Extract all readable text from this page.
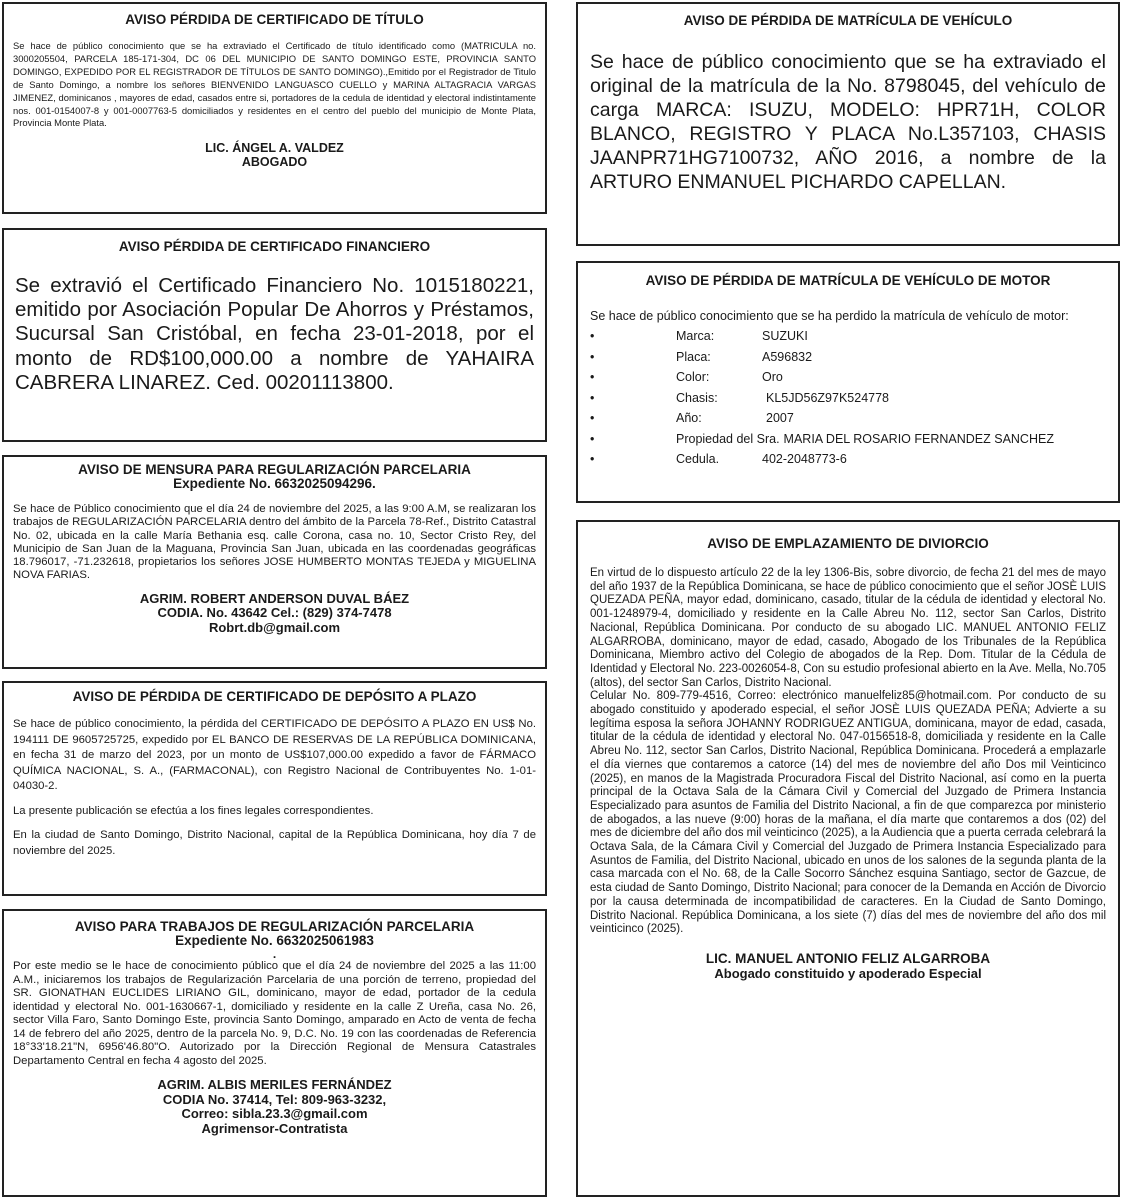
AVISO PÉRDIDA DE CERTIFICADO DE TÍTULO

Se hace de público conocimiento que se ha extraviado el Certificado de título identificado como (MATRICULA no. 3000205504, PARCELA 185-171-304, DC 06 DEL MUNICIPIO DE SANTO DOMINGO ESTE, PROVINCIA SANTO DOMINGO, EXPEDIDO POR EL REGISTRADOR DE TÍTULOS DE SANTO DOMINGO).,Emitido por el Registrador de Titulo de Santo Domingo, a nombre los señores BIENVENIDO LANGUASCO CUELLO y MARINA ALTAGRACIA VARGAS JIMENEZ, dominicanos , mayores de edad, casados entre si, portadores de la cedula de identidad y electoral indistintamente nos. 001-0154007-8 y 001-0007763-5 domiciliados y residentes en el centro del pueblo del municipio de Monte Plata, Provincia Monte Plata.

LIC. ÁNGEL A. VALDEZ
ABOGADO
AVISO PÉRDIDA DE CERTIFICADO FINANCIERO

Se extravió el Certificado Financiero No. 1015180221, emitido por Asociación Popular De Ahorros y Préstamos, Sucursal San Cristóbal, en fecha 23-01-2018, por el monto de RD$100,000.00 a nombre de YAHAIRA CABRERA LINAREZ. Ced. 00201113800.

AVISO DE MENSURA PARA REGULARIZACIÓN PARCELARIA
Expediente No. 6632025094296.

Se hace de Público conocimiento que el día 24 de noviembre del 2025, a las 9:00 A.M, se realizaran los trabajos de REGULARIZACIÓN PARCELARIA dentro del ámbito de la Parcela 78-Ref., Distrito Catastral No. 02, ubicada en la calle María Bethania esq. calle Corona, casa no. 10, Sector Cristo Rey, del Municipio de San Juan de la Maguana, Provincia San Juan, ubicada en las coordenadas geográficas 18.796017, -71.232618, propietarios los señores JOSE HUMBERTO MONTAS TEJEDA y MIGUELINA NOVA FARIAS.

AGRIM. ROBERT ANDERSON DUVAL BÁEZ
CODIA. No. 43642 Cel.: (829) 374-7478
Robrt.db@gmail.com
AVISO DE PÉRDIDA DE CERTIFICADO DE DEPÓSITO A PLAZO

Se hace de público conocimiento, la pérdida del CERTIFICADO DE DEPÓSITO A PLAZO EN US$ No. 194111 DE 9605725725, expedido por EL BANCO DE RESERVAS DE LA REPÚBLICA DOMINICANA, en fecha 31 de marzo del 2023, por un monto de US$107,000.00 expedido a favor de FÁRMACO QUÍMICA NACIONAL, S. A., (FARMACONAL), con Registro Nacional de Contribuyentes No. 1-01-04030-2.

La presente publicación se efectúa a los fines legales correspondientes.

En la ciudad de Santo Domingo, Distrito Nacional, capital de la República Dominicana, hoy día 7 de noviembre del 2025.

AVISO PARA TRABAJOS DE REGULARIZACIÓN PARCELARIA
Expediente No. 6632025061983
.

Por este medio se le hace de conocimiento público que el día 24 de noviembre del 2025 a las 11:00 A.M., iniciaremos los trabajos de Regularización Parcelaria de una porción de terreno, propiedad del SR. GIONATHAN EUCLIDES LIRIANO GIL, dominicano, mayor de edad, portador de la cedula identidad y electoral No. 001-1630667-1, domiciliado y residente en la calle Z Ureña, casa No. 26, sector Villa Faro, Santo Domingo Este, provincia Santo Domingo, amparado en Acto de venta de fecha 14 de febrero del año 2025, dentro de la parcela No. 9, D.C. No. 19 con las coordenadas de Referencia 18°33'18.21"N, 6956'46.80"O. Autorizado por la Dirección Regional de Mensura Catastrales Departamento Central en fecha 4 agosto del 2025.

AGRIM. ALBIS MERILES FERNÁNDEZ
CODIA No. 37414, Tel: 809-963-3232,
Correo: sibla.23.3@gmail.com
Agrimensor-Contratista
AVISO DE PÉRDIDA DE MATRÍCULA DE VEHÍCULO

Se hace de público conocimiento que se ha extraviado el original de la matrícula de la No. 8798045, del vehículo de carga MARCA: ISUZU, MODELO: HPR71H, COLOR BLANCO, REGISTRO Y PLACA No.L357103, CHASIS JAANPR71HG7100732, AÑO 2016, a nombre de la ARTURO ENMANUEL PICHARDO CAPELLAN.

AVISO DE PÉRDIDA DE MATRÍCULA DE VEHÍCULO DE MOTOR

Se hace de público conocimiento que se ha perdido la matrícula de vehículo de motor:

•	Marca:	SUZUKI
•	Placa:	A596832
•	Color:	Oro
•	Chasis:	KL5JD56Z97K524778
•	Año:	2007
•	Propiedad del Sra. MARIA DEL ROSARIO FERNANDEZ SANCHEZ
•	Cedula.	402-2048773-6
AVISO DE EMPLAZAMIENTO DE DIVIORCIO

En virtud de lo dispuesto artículo 22 de la ley 1306-Bis, sobre divorcio, de fecha 21 del mes de mayo del año 1937 de la República Dominicana, se hace de público conocimiento que el señor JOSÈ LUIS QUEZADA PEÑA, mayor edad, dominicano, casado, titular de la cédula de identidad y electoral No. 001-1248979-4, domiciliado y residente en la Calle Abreu No. 112, sector San Carlos, Distrito Nacional, República Dominicana. Por conducto de su abogado LIC. MANUEL ANTONIO FELIZ ALGARROBA, dominicano, mayor de edad, casado, Abogado de los Tribunales de la República Dominicana, Miembro activo del Colegio de abogados de la Rep. Dom. Titular de la Cédula de Identidad y Electoral No. 223-0026054-8, Con su estudio profesional abierto en la Ave. Mella, No.705 (altos), del sector San Carlos, Distrito Nacional.

Celular No. 809-779-4516, Correo: electrónico manuelfeliz85@hotmail.com. Por conducto de su abogado constituido y apoderado especial, el señor JOSÈ LUIS QUEZADA PEÑA; Advierte a su legítima esposa la señora JOHANNY RODRIGUEZ ANTIGUA, dominicana, mayor de edad, casada, titular de la cédula de identidad y electoral No. 047-0156518-8, domiciliada y residente en la Calle Abreu No. 112, sector San Carlos, Distrito Nacional, República Dominicana. Procederá a emplazarle el día viernes que contaremos a catorce (14) del mes de noviembre del año Dos mil Veinticinco (2025), en manos de la Magistrada Procuradora Fiscal del Distrito Nacional, así como en la puerta principal de la Octava Sala de la Cámara Civil y Comercial del Juzgado de Primera Instancia Especializado para asuntos de Familia del Distrito Nacional, a fin de que comparezca por ministerio de abogados, a las nueve (9:00) horas de la mañana, el día marte que contaremos a dos (02) del mes de diciembre del año dos mil veinticinco (2025), a la Audiencia que a puerta cerrada celebrará la Octava Sala, de la Cámara Civil y Comercial del Juzgado de Primera Instancia Especializado para Asuntos de Familia, del Distrito Nacional, ubicado en unos de los salones de la segunda planta de la casa marcada con el No. 68, de la Calle Socorro Sánchez esquina Santiago, sector de Gazcue, de esta ciudad de Santo Domingo, Distrito Nacional; para conocer de la Demanda en Acción de Divorcio por la causa determinada de incompatibilidad de caracteres. En la Ciudad de Santo Domingo, Distrito Nacional. República Dominicana, a los siete (7) días del mes de noviembre del año dos mil veinticinco (2025).

LIC. MANUEL ANTONIO FELIZ ALGARROBA
Abogado constituido y apoderado Especial
